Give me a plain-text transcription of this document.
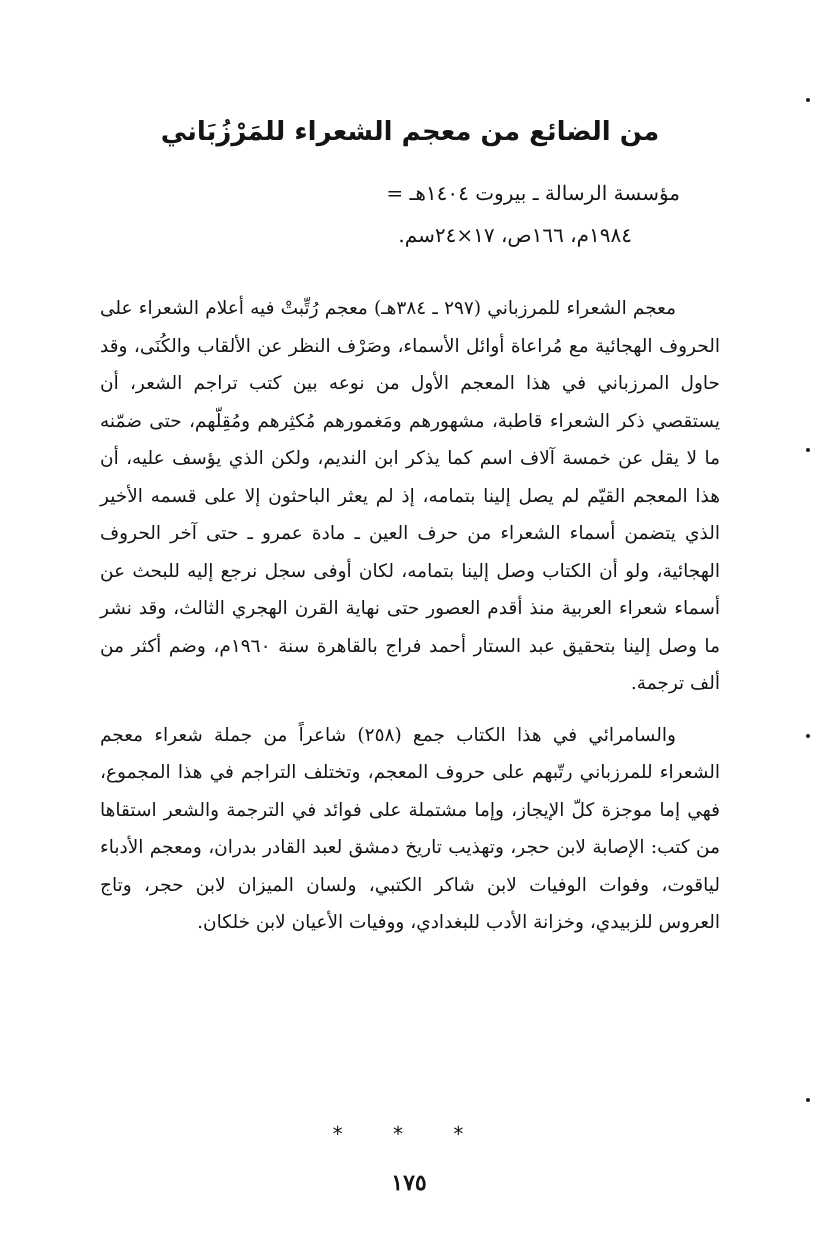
من الضائع من معجم الشعراء للمَرْزُبَاني

مؤسسة الرسالة ـ بيروت ١٤٠٤هـ =
١٩٨٤م، ١٦٦ص، ١٧×٢٤سم.

معجم الشعراء للمرزباني (٢٩٧ ـ ٣٨٤هـ) معجم رُتِّبتْ فيه أعلام الشعراء على الحروف الهجائية مع مُراعاة أوائل الأسماء، وصَرْف النظر عن الألقاب والكُنَى، وقد حاول المرزباني في هذا المعجم الأول من نوعه بين كتب تراجم الشعر، أن يستقصي ذكر الشعراء قاطبة، مشهورهم ومَغمورهم مُكثِرهم ومُقِلّهم، حتى ضمّنه ما لا يقل عن خمسة آلاف اسم كما يذكر ابن النديم، ولكن الذي يؤسف عليه، أن هذا المعجم القيّم لم يصل إلينا بتمامه، إذ لم يعثر الباحثون إلا على قسمه الأخير الذي يتضمن أسماء الشعراء من حرف العين ـ مادة عمرو ـ حتى آخر الحروف الهجائية، ولو أن الكتاب وصل إلينا بتمامه، لكان أوفى سجل نرجع إليه للبحث عن أسماء شعراء العربية منذ أقدم العصور حتى نهاية القرن الهجري الثالث، وقد نشر ما وصل إلينا بتحقيق عبد الستار أحمد فراج بالقاهرة سنة ١٩٦٠م، وضم أكثر من ألف ترجمة.

والسامرائي في هذا الكتاب جمع (٢٥٨) شاعراً من جملة شعراء معجم الشعراء للمرزباني رتّبهم على حروف المعجم، وتختلف التراجم في هذا المجموع، فهي إما موجزة كلّ الإيجاز، وإما مشتملة على فوائد في الترجمة والشعر استقاها من كتب: الإصابة لابن حجر، وتهذيب تاريخ دمشق لعبد القادر بدران، ومعجم الأدباء لياقوت، وفوات الوفيات لابن شاكر الكتبي، ولسان الميزان لابن حجر، وتاج العروس للزبيدي، وخزانة الأدب للبغدادي، ووفيات الأعيان لابن خلكان.

* * *
١٧٥
